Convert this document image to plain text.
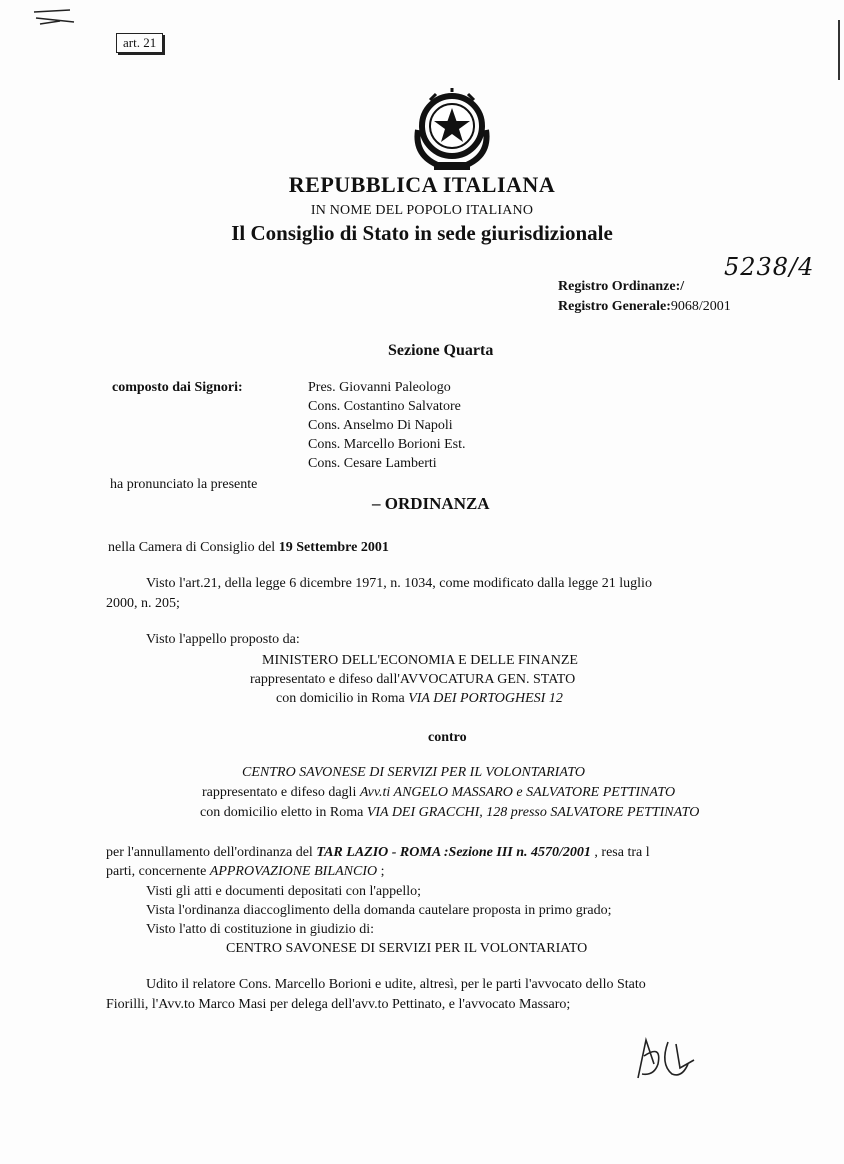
art. 21
REPUBBLICA ITALIANA
IN NOME DEL POPOLO ITALIANO
Il Consiglio di Stato in sede giurisdizionale
Registro Ordinanze:/
5238/4
Registro Generale:9068/2001
Sezione Quarta
composto dai Signori:	Pres. Giovanni Paleologo
Cons. Costantino Salvatore
Cons. Anselmo Di Napoli
Cons. Marcello Borioni Est.
Cons. Cesare Lamberti
ha pronunciato la presente
– ORDINANZA
nella Camera di Consiglio del 19 Settembre 2001
Visto l'art.21, della legge 6 dicembre 1971, n. 1034, come modificato dalla legge 21 luglio
2000, n. 205;
Visto l'appello proposto da:
MINISTERO DELL'ECONOMIA E DELLE FINANZE
rappresentato e difeso dall'AVVOCATURA GEN. STATO
con domicilio in Roma VIA DEI PORTOGHESI 12
contro
CENTRO SAVONESE DI SERVIZI PER IL VOLONTARIATO
rappresentato e difeso dagli Avv.ti ANGELO MASSARO e SALVATORE PETTINATO
con domicilio eletto in Roma VIA DEI GRACCHI, 128 presso SALVATORE PETTINATO
per l'annullamento dell'ordinanza del TAR LAZIO - ROMA :Sezione III n. 4570/2001 , resa tra l
parti, concernente APPROVAZIONE BILANCIO ;
Visti gli atti e documenti depositati con l'appello;
Vista l'ordinanza diaccoglimento della domanda cautelare proposta in primo grado;
Visto l'atto di costituzione in giudizio di:
CENTRO SAVONESE DI SERVIZI PER IL VOLONTARIATO
Udito il relatore Cons. Marcello Borioni e udite, altresì, per le parti l'avvocato dello Stato
Fiorilli, l'Avv.to Marco Masi per delega dell'avv.to Pettinato, e l'avvocato Massaro;
